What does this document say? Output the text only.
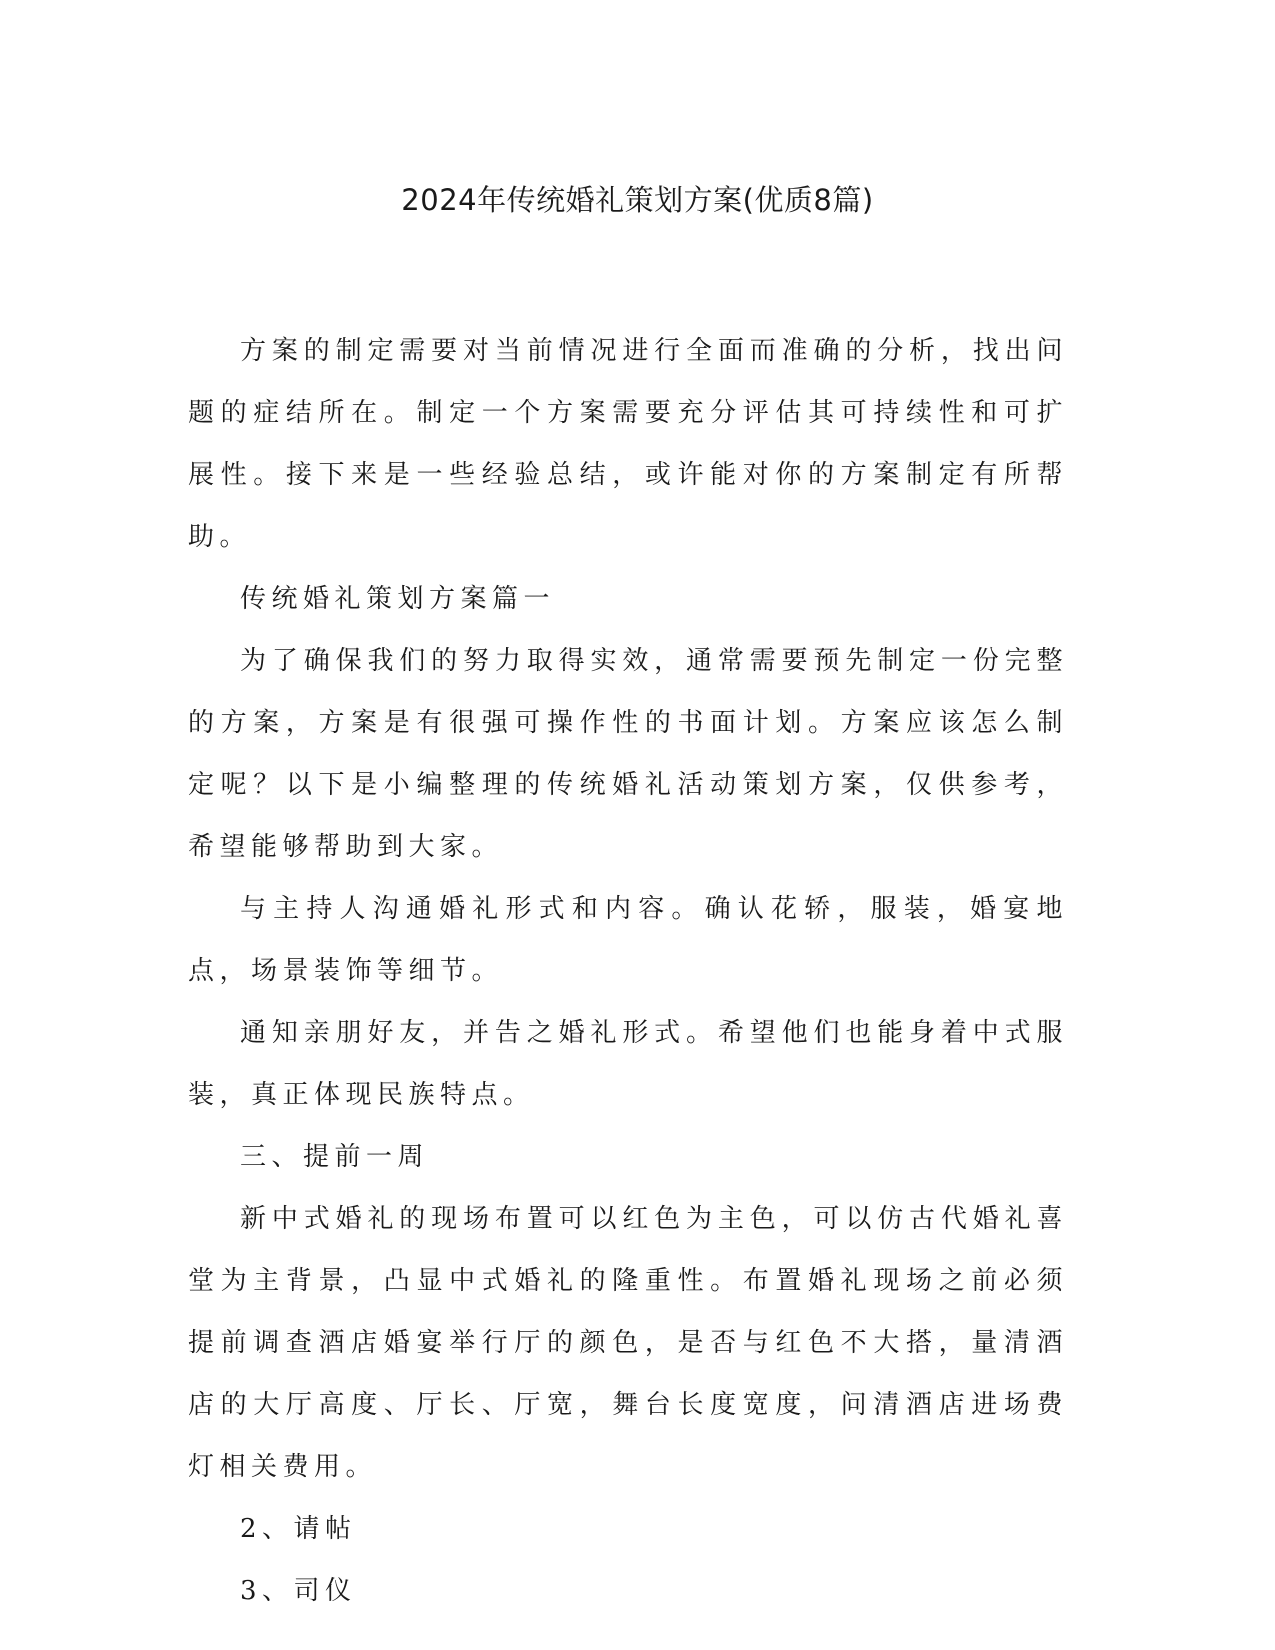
2024年传统婚礼策划方案(优质8篇)

方案的制定需要对当前情况进行全面而准确的分析，找出问题的症结所在。制定一个方案需要充分评估其可持续性和可扩展性。接下来是一些经验总结，或许能对你的方案制定有所帮助。

传统婚礼策划方案篇一

为了确保我们的努力取得实效，通常需要预先制定一份完整的方案，方案是有很强可操作性的书面计划。方案应该怎么制定呢？以下是小编整理的传统婚礼活动策划方案，仅供参考，希望能够帮助到大家。

与主持人沟通婚礼形式和内容。确认花轿，服装，婚宴地点，场景装饰等细节。

通知亲朋好友，并告之婚礼形式。希望他们也能身着中式服装，真正体现民族特点。

三、提前一周

新中式婚礼的现场布置可以红色为主色，可以仿古代婚礼喜堂为主背景，凸显中式婚礼的隆重性。布置婚礼现场之前必须提前调查酒店婚宴举行厅的颜色，是否与红色不大搭，量清酒店的大厅高度、厅长、厅宽，舞台长度宽度，问清酒店进场费灯相关费用。

2、请帖

3、司仪
